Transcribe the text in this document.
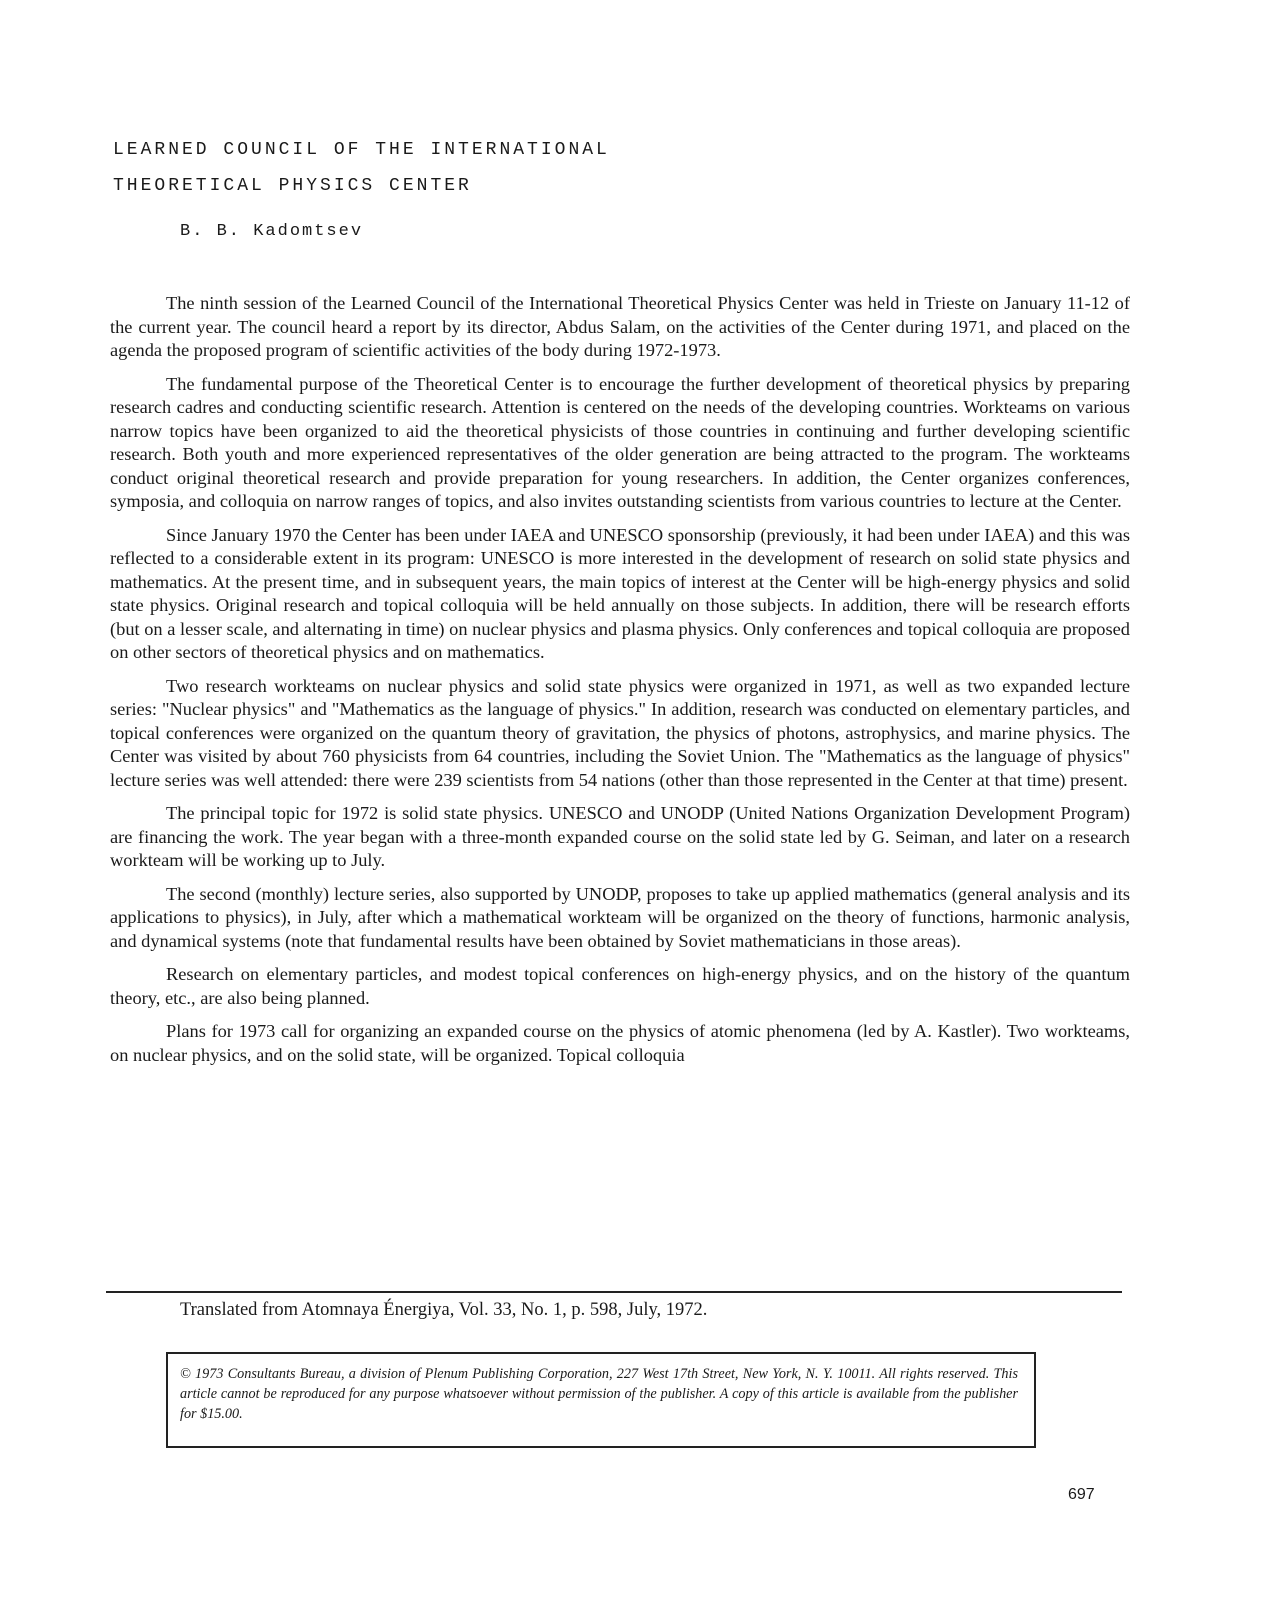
LEARNED COUNCIL OF THE INTERNATIONAL
THEORETICAL PHYSICS CENTER
B. B. Kadomtsev

The ninth session of the Learned Council of the International Theoretical Physics Center was held in Trieste on January 11-12 of the current year. The council heard a report by its director, Abdus Salam, on the activities of the Center during 1971, and placed on the agenda the proposed program of scientific activities of the body during 1972-1973.

The fundamental purpose of the Theoretical Center is to encourage the further development of theoretical physics by preparing research cadres and conducting scientific research. Attention is centered on the needs of the developing countries. Workteams on various narrow topics have been organized to aid the theoretical physicists of those countries in continuing and further developing scientific research. Both youth and more experienced representatives of the older generation are being attracted to the program. The workteams conduct original theoretical research and provide preparation for young researchers. In addition, the Center organizes conferences, symposia, and colloquia on narrow ranges of topics, and also invites outstanding scientists from various countries to lecture at the Center.

Since January 1970 the Center has been under IAEA and UNESCO sponsorship (previously, it had been under IAEA) and this was reflected to a considerable extent in its program: UNESCO is more interested in the development of research on solid state physics and mathematics. At the present time, and in subsequent years, the main topics of interest at the Center will be high-energy physics and solid state physics. Original research and topical colloquia will be held annually on those subjects. In addition, there will be research efforts (but on a lesser scale, and alternating in time) on nuclear physics and plasma physics. Only conferences and topical colloquia are proposed on other sectors of theoretical physics and on mathematics.

Two research workteams on nuclear physics and solid state physics were organized in 1971, as well as two expanded lecture series: "Nuclear physics" and "Mathematics as the language of physics." In addition, research was conducted on elementary particles, and topical conferences were organized on the quantum theory of gravitation, the physics of photons, astrophysics, and marine physics. The Center was visited by about 760 physicists from 64 countries, including the Soviet Union. The "Mathematics as the language of physics" lecture series was well attended: there were 239 scientists from 54 nations (other than those represented in the Center at that time) present.

The principal topic for 1972 is solid state physics. UNESCO and UNODP (United Nations Organization Development Program) are financing the work. The year began with a three-month expanded course on the solid state led by G. Seiman, and later on a research workteam will be working up to July.

The second (monthly) lecture series, also supported by UNODP, proposes to take up applied mathematics (general analysis and its applications to physics), in July, after which a mathematical workteam will be organized on the theory of functions, harmonic analysis, and dynamical systems (note that fundamental results have been obtained by Soviet mathematicians in those areas).

Research on elementary particles, and modest topical conferences on high-energy physics, and on the history of the quantum theory, etc., are also being planned.

Plans for 1973 call for organizing an expanded course on the physics of atomic phenomena (led by A. Kastler). Two workteams, on nuclear physics, and on the solid state, will be organized. Topical colloquia

Translated from Atomnaya Énergiya, Vol. 33, No. 1, p. 598, July, 1972.
© 1973 Consultants Bureau, a division of Plenum Publishing Corporation, 227 West 17th Street, New York, N. Y. 10011. All rights reserved. This article cannot be reproduced for any purpose whatsoever without permission of the publisher. A copy of this article is available from the publisher for $15.00.
697
